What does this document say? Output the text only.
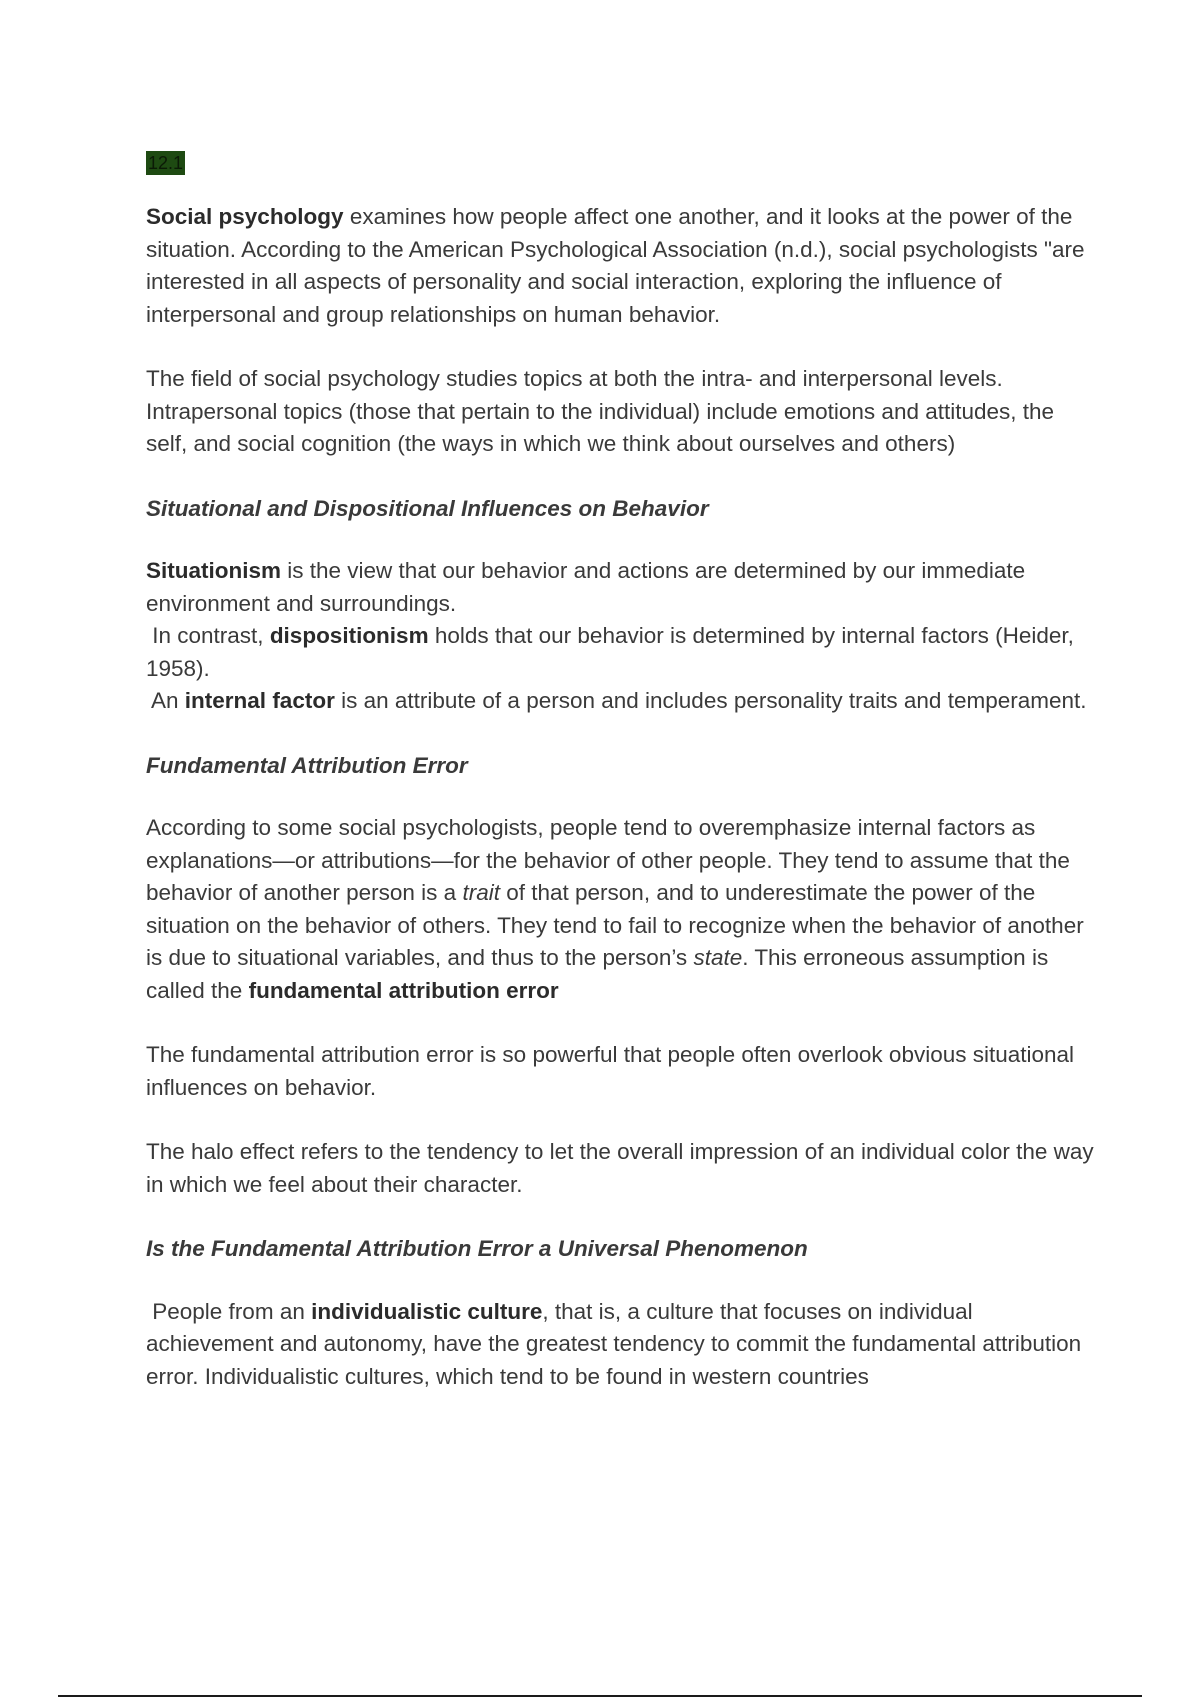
12.1

Social psychology examines how people affect one another, and it looks at the power of the situation. According to the American Psychological Association (n.d.), social psychologists "are interested in all aspects of personality and social interaction, exploring the influence of interpersonal and group relationships on human behavior.

The field of social psychology studies topics at both the intra- and interpersonal levels. Intrapersonal topics (those that pertain to the individual) include emotions and attitudes, the self, and social cognition (the ways in which we think about ourselves and others)

Situational and Dispositional Influences on Behavior

Situationism is the view that our behavior and actions are determined by our immediate environment and surroundings.
In contrast, dispositionism holds that our behavior is determined by internal factors (Heider, 1958).
An internal factor is an attribute of a person and includes personality traits and temperament.

Fundamental Attribution Error

According to some social psychologists, people tend to overemphasize internal factors as explanations—or attributions—for the behavior of other people. They tend to assume that the behavior of another person is a trait of that person, and to underestimate the power of the situation on the behavior of others. They tend to fail to recognize when the behavior of another is due to situational variables, and thus to the person’s state. This erroneous assumption is called the fundamental attribution error

The fundamental attribution error is so powerful that people often overlook obvious situational influences on behavior.

The halo effect refers to the tendency to let the overall impression of an individual color the way in which we feel about their character.

Is the Fundamental Attribution Error a Universal Phenomenon

People from an individualistic culture, that is, a culture that focuses on individual achievement and autonomy, have the greatest tendency to commit the fundamental attribution error. Individualistic cultures, which tend to be found in western countries
